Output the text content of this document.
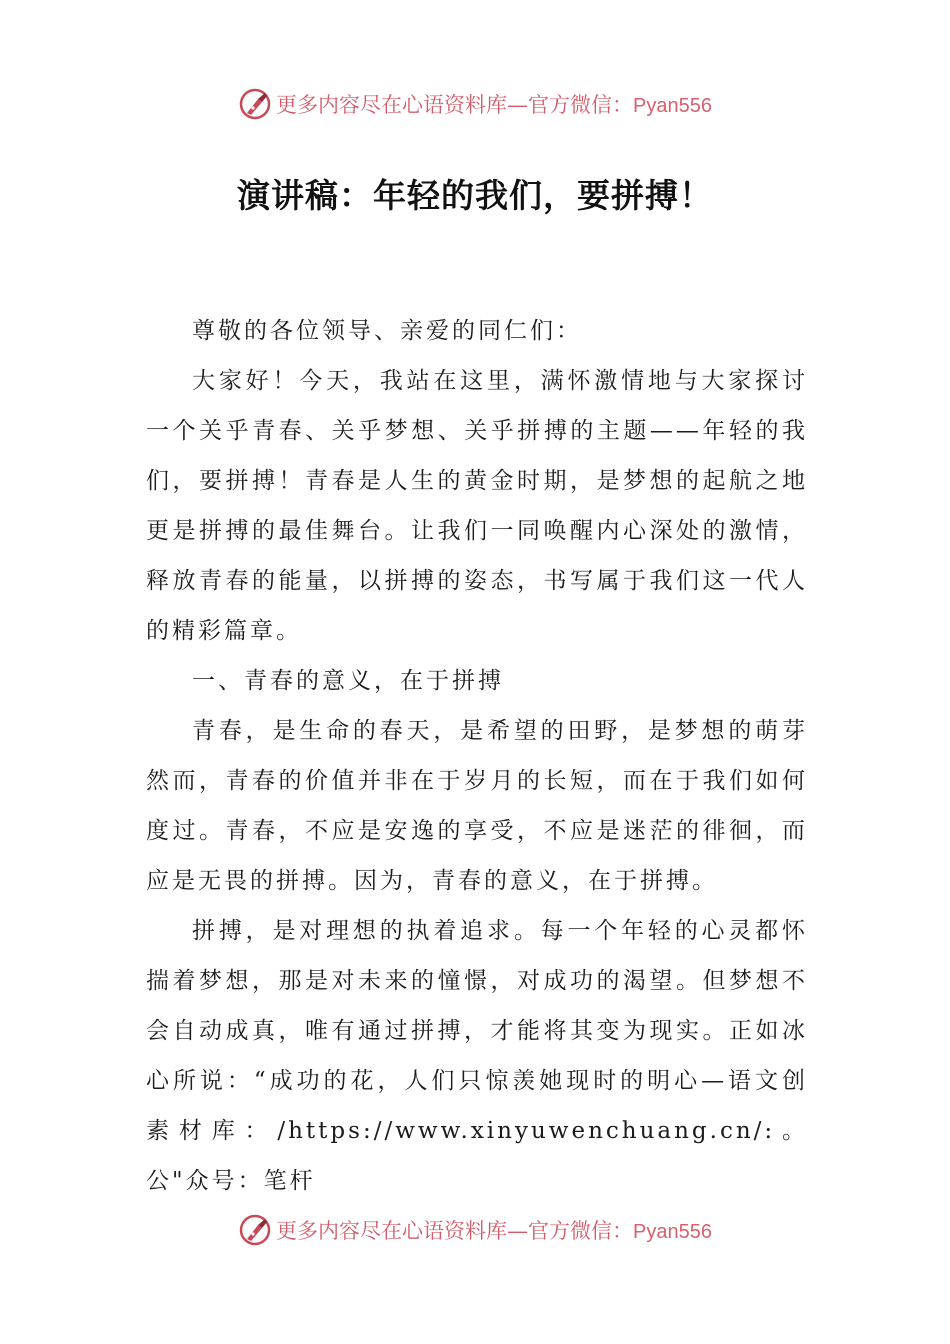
更多内容尽在心语资料库—官方微信：Pyan556
演讲稿：年轻的我们，要拼搏！

尊敬的各位领导、亲爱的同仁们：

大家好！今天，我站在这里，满怀激情地与大家探讨一个关乎青春、关乎梦想、关乎拼搏的主题——年轻的我们，要拼搏！青春是人生的黄金时期，是梦想的起航之地更是拼搏的最佳舞台。让我们一同唤醒内心深处的激情，释放青春的能量，以拼搏的姿态，书写属于我们这一代人的精彩篇章。

一、青春的意义，在于拼搏

青春，是生命的春天，是希望的田野，是梦想的萌芽然而，青春的价值并非在于岁月的长短，而在于我们如何度过。青春，不应是安逸的享受，不应是迷茫的徘徊，而应是无畏的拼搏。因为，青春的意义，在于拼搏。

拼搏，是对理想的执着追求。每一个年轻的心灵都怀揣着梦想，那是对未来的憧憬，对成功的渴望。但梦想不会自动成真，唯有通过拼搏，才能将其变为现实。正如冰心所说：“成功的花，人们只惊羡她现时的明心—语文创素材库：/https://www.xinyuwenchuang.cn/:。公"众号：笔杆

更多内容尽在心语资料库—官方微信：Pyan556
